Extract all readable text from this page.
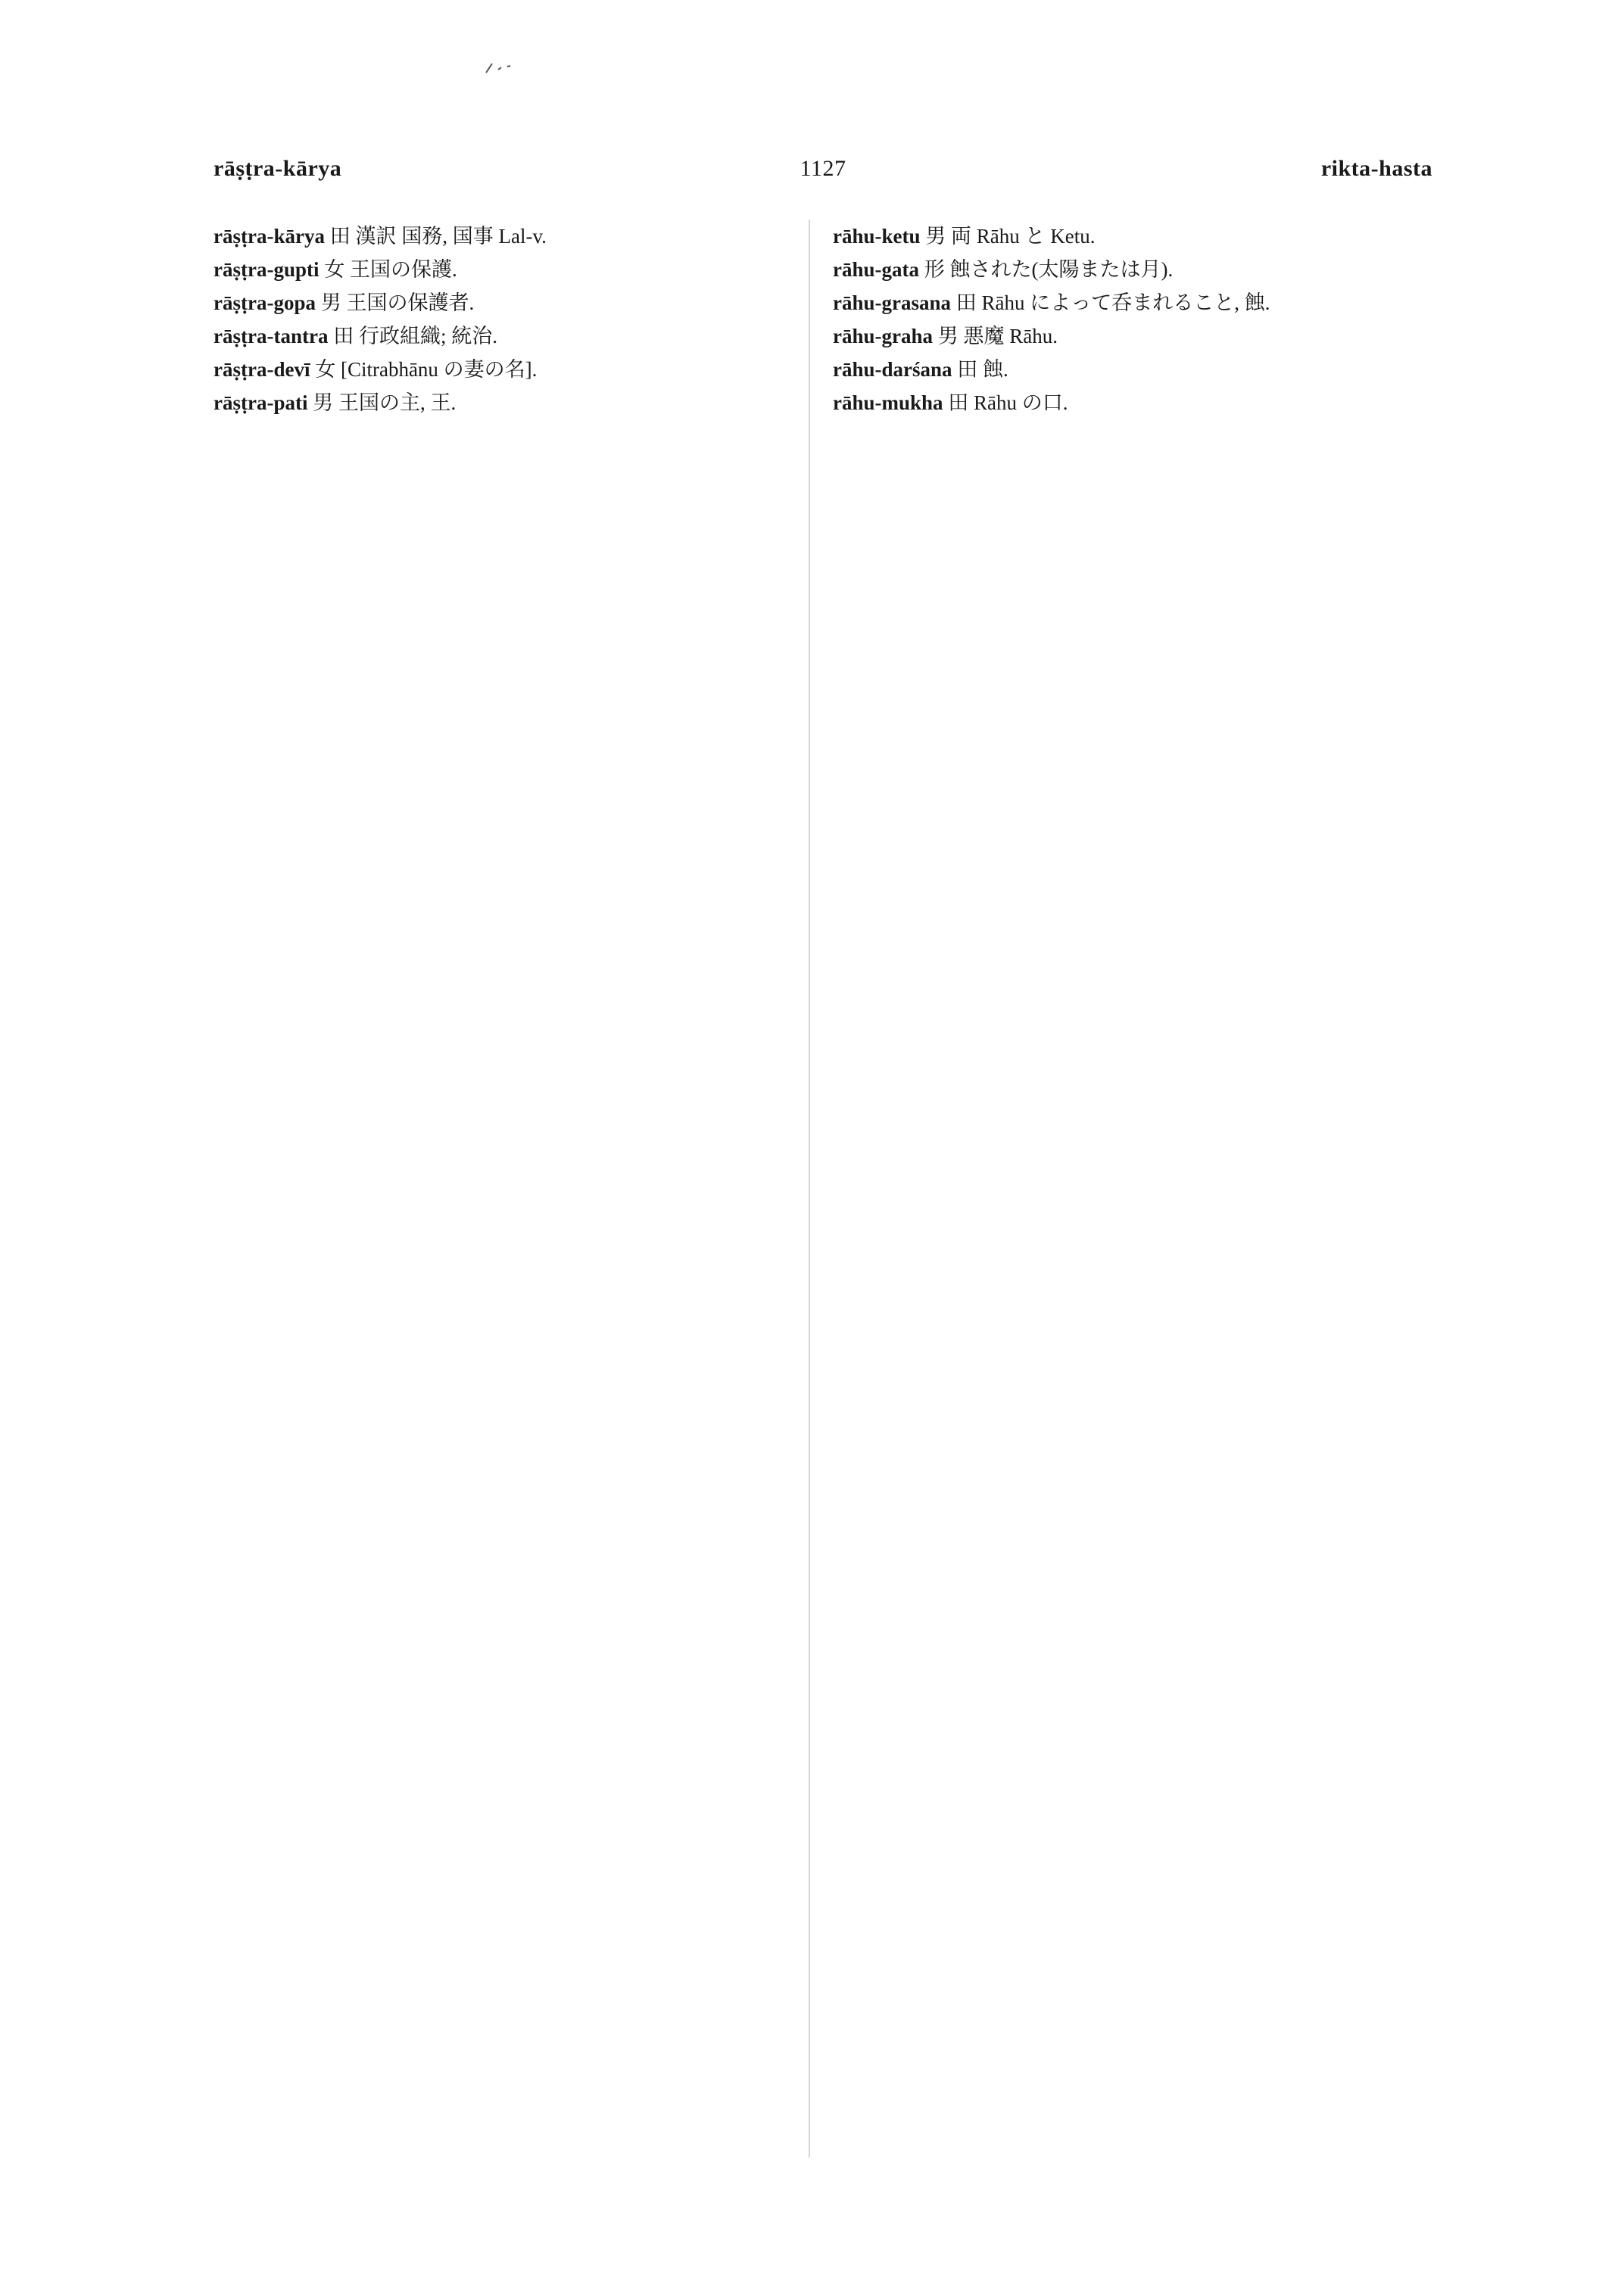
rāṣṭra-kārya	1127	rikta-hasta

rāṣṭra-kārya 田 漢訳 国務, 国事 Lal-v.

rāṣṭra-gupti 女 王国の保護.

rāṣṭra-gopa 男 王国の保護者.

rāṣṭra-tantra 田 行政組織; 統治.

rāṣṭra-devī 女 [Citrabhānu の妻の名].

rāṣṭra-pati 男 王国の主, 王.

rāhu-ketu 男 両 Rāhu と Ketu.

rāhu-gata 形 蝕された(太陽または月).

rāhu-grasana 田 Rāhu によって呑まれること, 蝕.

rāhu-graha 男 悪魔 Rāhu.

rāhu-darśana 田 蝕.

rāhu-mukha 田 Rāhu の口.
